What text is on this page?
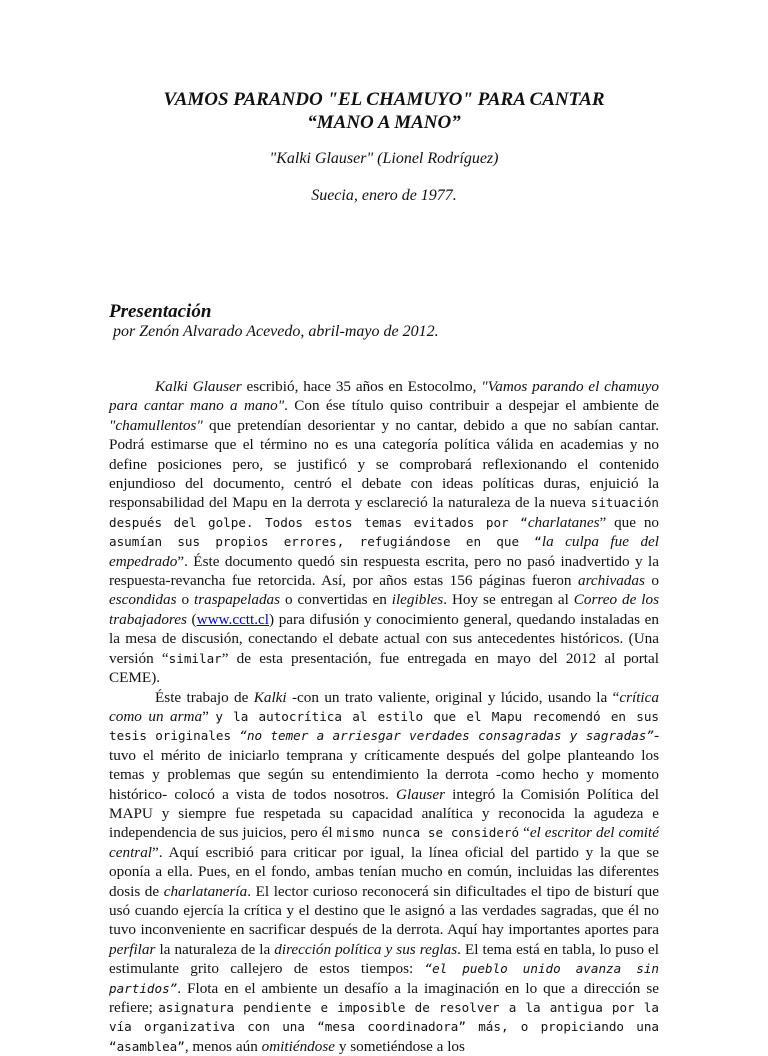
VAMOS PARANDO "EL CHAMUYO" PARA CANTAR
“MANO A MANO”
"Kalki Glauser" (Lionel Rodríguez)
Suecia, enero de 1977.
Presentación
por Zenón Alvarado Acevedo, abril-mayo de 2012.

Kalki Glauser escribió, hace 35 años en Estocolmo, "Vamos parando el chamuyo para cantar mano a mano". Con ése título quiso contribuir a despejar el ambiente de "chamullentos" que pretendían desorientar y no cantar, debido a que no sabían cantar. Podrá estimarse que el término no es una categoría política válida en academias y no define posiciones pero, se justificó y se comprobará reflexionando el contenido enjundioso del documento, centró el debate con ideas políticas duras, enjuició la responsabilidad del Mapu en la derrota y esclareció la naturaleza de la nueva situación después del golpe. Todos estos temas evitados por “charlatanes” que no asumían sus propios errores, refugiándose en que “la culpa fue del empedrado”. Éste documento quedó sin respuesta escrita, pero no pasó inadvertido y la respuesta-revancha fue retorcida. Así, por años estas 156 páginas fueron archivadas o escondidas o traspapeladas o convertidas en ilegibles. Hoy se entregan al Correo de los trabajadores (www.cctt.cl) para difusión y conocimiento general, quedando instaladas en la mesa de discusión, conectando el debate actual con sus antecedentes históricos. (Una versión “similar” de esta presentación, fue entregada en mayo del 2012 al portal CEME).

Éste trabajo de Kalki -con un trato valiente, original y lúcido, usando la “crítica como un arma” y la autocrítica al estilo que el Mapu recomendó en sus tesis originales “no temer a arriesgar verdades consagradas y sagradas”- tuvo el mérito de iniciarlo temprana y críticamente después del golpe planteando los temas y problemas que según su entendimiento la derrota -como hecho y momento histórico- colocó a vista de todos nosotros. Glauser integró la Comisión Política del MAPU y siempre fue respetada su capacidad analítica y reconocida la agudeza e independencia de sus juicios, pero él mismo nunca se consideró “el escritor del comité central”. Aquí escribió para criticar por igual, la línea oficial del partido y la que se oponía a ella. Pues, en el fondo, ambas tenían mucho en común, incluidas las diferentes dosis de charlatanería. El lector curioso reconocerá sin dificultades el tipo de bisturí que usó cuando ejercía la crítica y el destino que le asignó a las verdades sagradas, que él no tuvo inconveniente en sacrificar después de la derrota. Aquí hay importantes aportes para perfilar la naturaleza de la dirección política y sus reglas. El tema está en tabla, lo puso el estimulante grito callejero de estos tiempos: “el pueblo unido avanza sin partidos”. Flota en el ambiente un desafío a la imaginación en lo que a dirección se refiere; asignatura pendiente e imposible de resolver a la antigua por la vía organizativa con una “mesa coordinadora” más, o propiciando una “asamblea”, menos aún omitiéndose y sometiéndose a los
